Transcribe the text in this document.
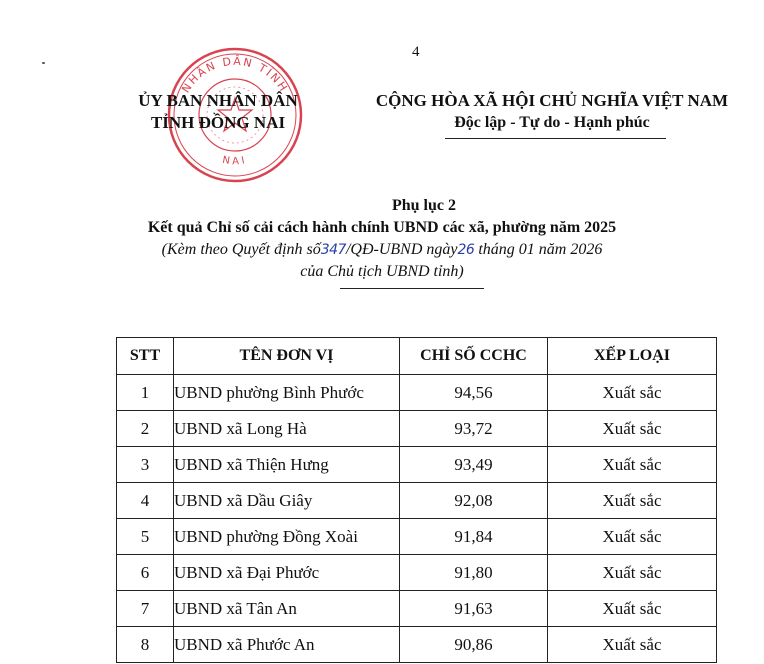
4
NHÂN DÂN TỈNH
NAI
ỦY BAN NHÂN DÂN
TỈNH ĐỒNG NAI
CỘNG HÒA XÃ HỘI CHỦ NGHĨA VIỆT NAM
Độc lập - Tự do - Hạnh phúc
Phụ lục 2
Kết quả Chỉ số cải cách hành chính UBND các xã, phường năm 2025
(Kèm theo Quyết định số347/QĐ-UBND ngày26 tháng 01 năm 2026
của Chủ tịch UBND tỉnh)
STT	TÊN ĐƠN VỊ	CHỈ SỐ CCHC	XẾP LOẠI
1	UBND phường Bình Phước	94,56	Xuất sắc
2	UBND xã Long Hà	93,72	Xuất sắc
3	UBND xã Thiện Hưng	93,49	Xuất sắc
4	UBND xã Dầu Giây	92,08	Xuất sắc
5	UBND phường Đồng Xoài	91,84	Xuất sắc
6	UBND xã Đại Phước	91,80	Xuất sắc
7	UBND xã Tân An	91,63	Xuất sắc
8	UBND xã Phước An	90,86	Xuất sắc
